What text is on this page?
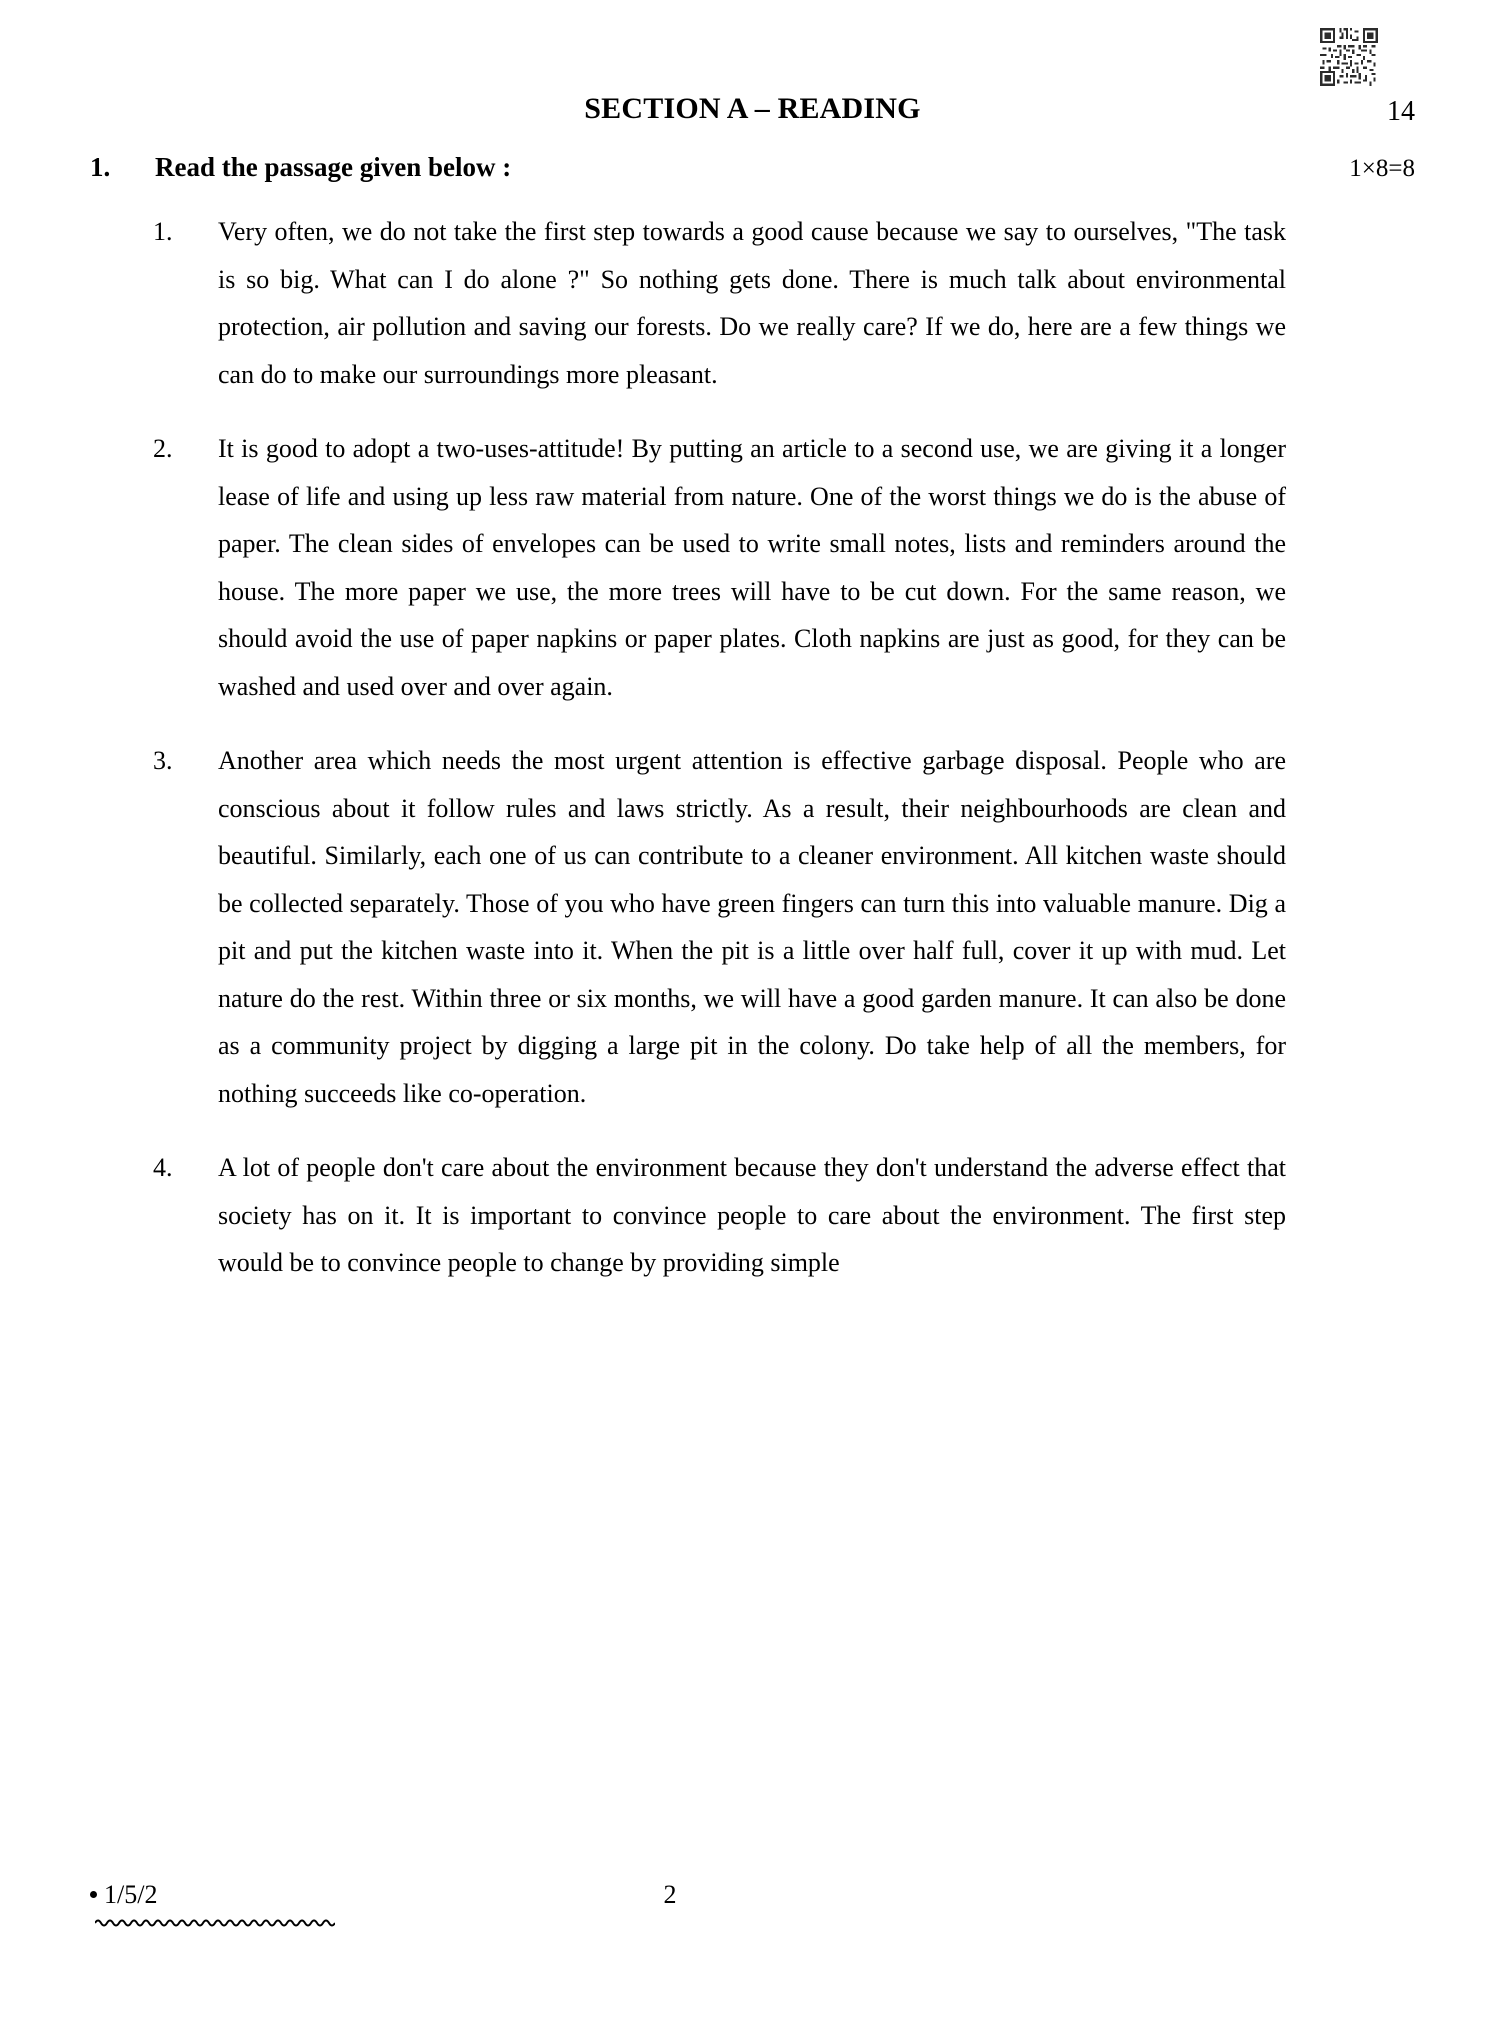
SECTION A – READING	14
1. Read the passage given below :	1×8=8
1. Very often, we do not take the first step towards a good cause because we say to ourselves, "The task is so big. What can I do alone ?" So nothing gets done. There is much talk about environmental protection, air pollution and saving our forests. Do we really care? If we do, here are a few things we can do to make our surroundings more pleasant.
2. It is good to adopt a two-uses-attitude! By putting an article to a second use, we are giving it a longer lease of life and using up less raw material from nature. One of the worst things we do is the abuse of paper. The clean sides of envelopes can be used to write small notes, lists and reminders around the house. The more paper we use, the more trees will have to be cut down. For the same reason, we should avoid the use of paper napkins or paper plates. Cloth napkins are just as good, for they can be washed and used over and over again.
3. Another area which needs the most urgent attention is effective garbage disposal. People who are conscious about it follow rules and laws strictly. As a result, their neighbourhoods are clean and beautiful. Similarly, each one of us can contribute to a cleaner environment. All kitchen waste should be collected separately. Those of you who have green fingers can turn this into valuable manure. Dig a pit and put the kitchen waste into it. When the pit is a little over half full, cover it up with mud. Let nature do the rest. Within three or six months, we will have a good garden manure. It can also be done as a community project by digging a large pit in the colony. Do take help of all the members, for nothing succeeds like co-operation.
4. A lot of people don't care about the environment because they don't understand the adverse effect that society has on it. It is important to convince people to care about the environment. The first step would be to convince people to change by providing simple
1/5/2	2
